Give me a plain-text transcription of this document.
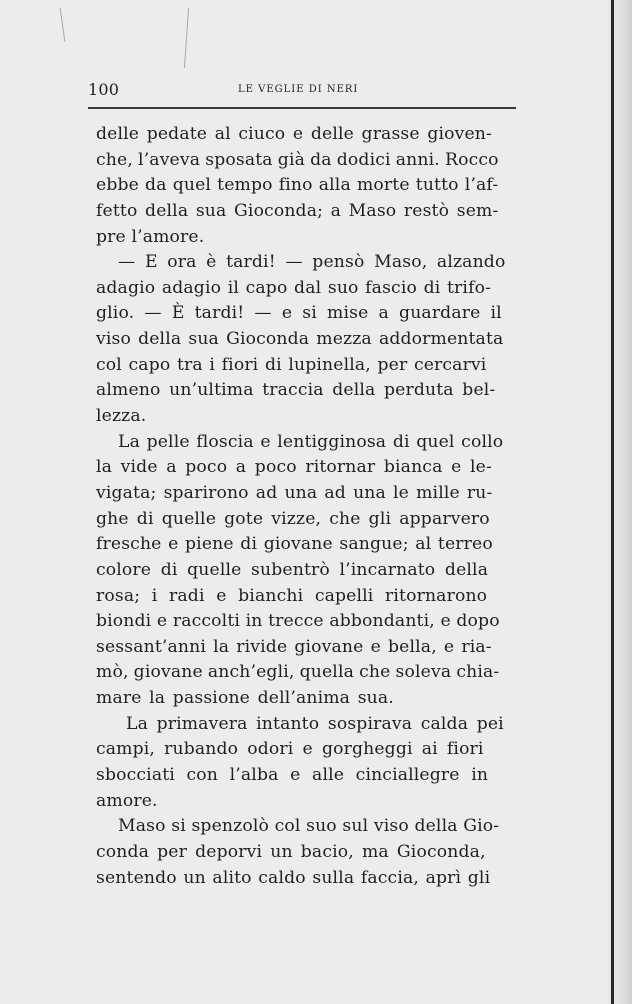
100	LE VEGLIE DI NERI
delle pedate al ciuco e delle grasse gioven-
che, l’aveva sposata già da dodici anni. Rocco
ebbe da quel tempo fino alla morte tutto l’af-
fetto della sua Gioconda; a Maso restò sem-
pre l’amore.
— E ora è tardi! — pensò Maso, alzando
adagio adagio il capo dal suo fascio di trifo-
glio. — È tardi! — e si mise a guardare il
viso della sua Gioconda mezza addormentata
col capo tra i fiori di lupinella, per cercarvi
almeno un’ultima traccia della perduta bel-
lezza.
La pelle floscia e lentigginosa di quel collo
la vide a poco a poco ritornar bianca e le-
vigata; sparirono ad una ad una le mille ru-
ghe di quelle gote vizze, che gli apparvero
fresche e piene di giovane sangue; al terreo
colore di quelle subentrò l’incarnato della
rosa; i radi e bianchi capelli ritornarono
biondi e raccolti in trecce abbondanti, e dopo
sessant’anni la rivide giovane e bella, e ria-
mò, giovane anch’egli, quella che soleva chia-
mare la passione dell’anima sua.
La primavera intanto sospirava calda pei
campi, rubando odori e gorgheggi ai fiori
sbocciati con l’alba e alle cinciallegre in
amore.
Maso si spenzolò col suo sul viso della Gio-
conda per deporvi un bacio, ma Gioconda,
sentendo un alito caldo sulla faccia, aprì gli
